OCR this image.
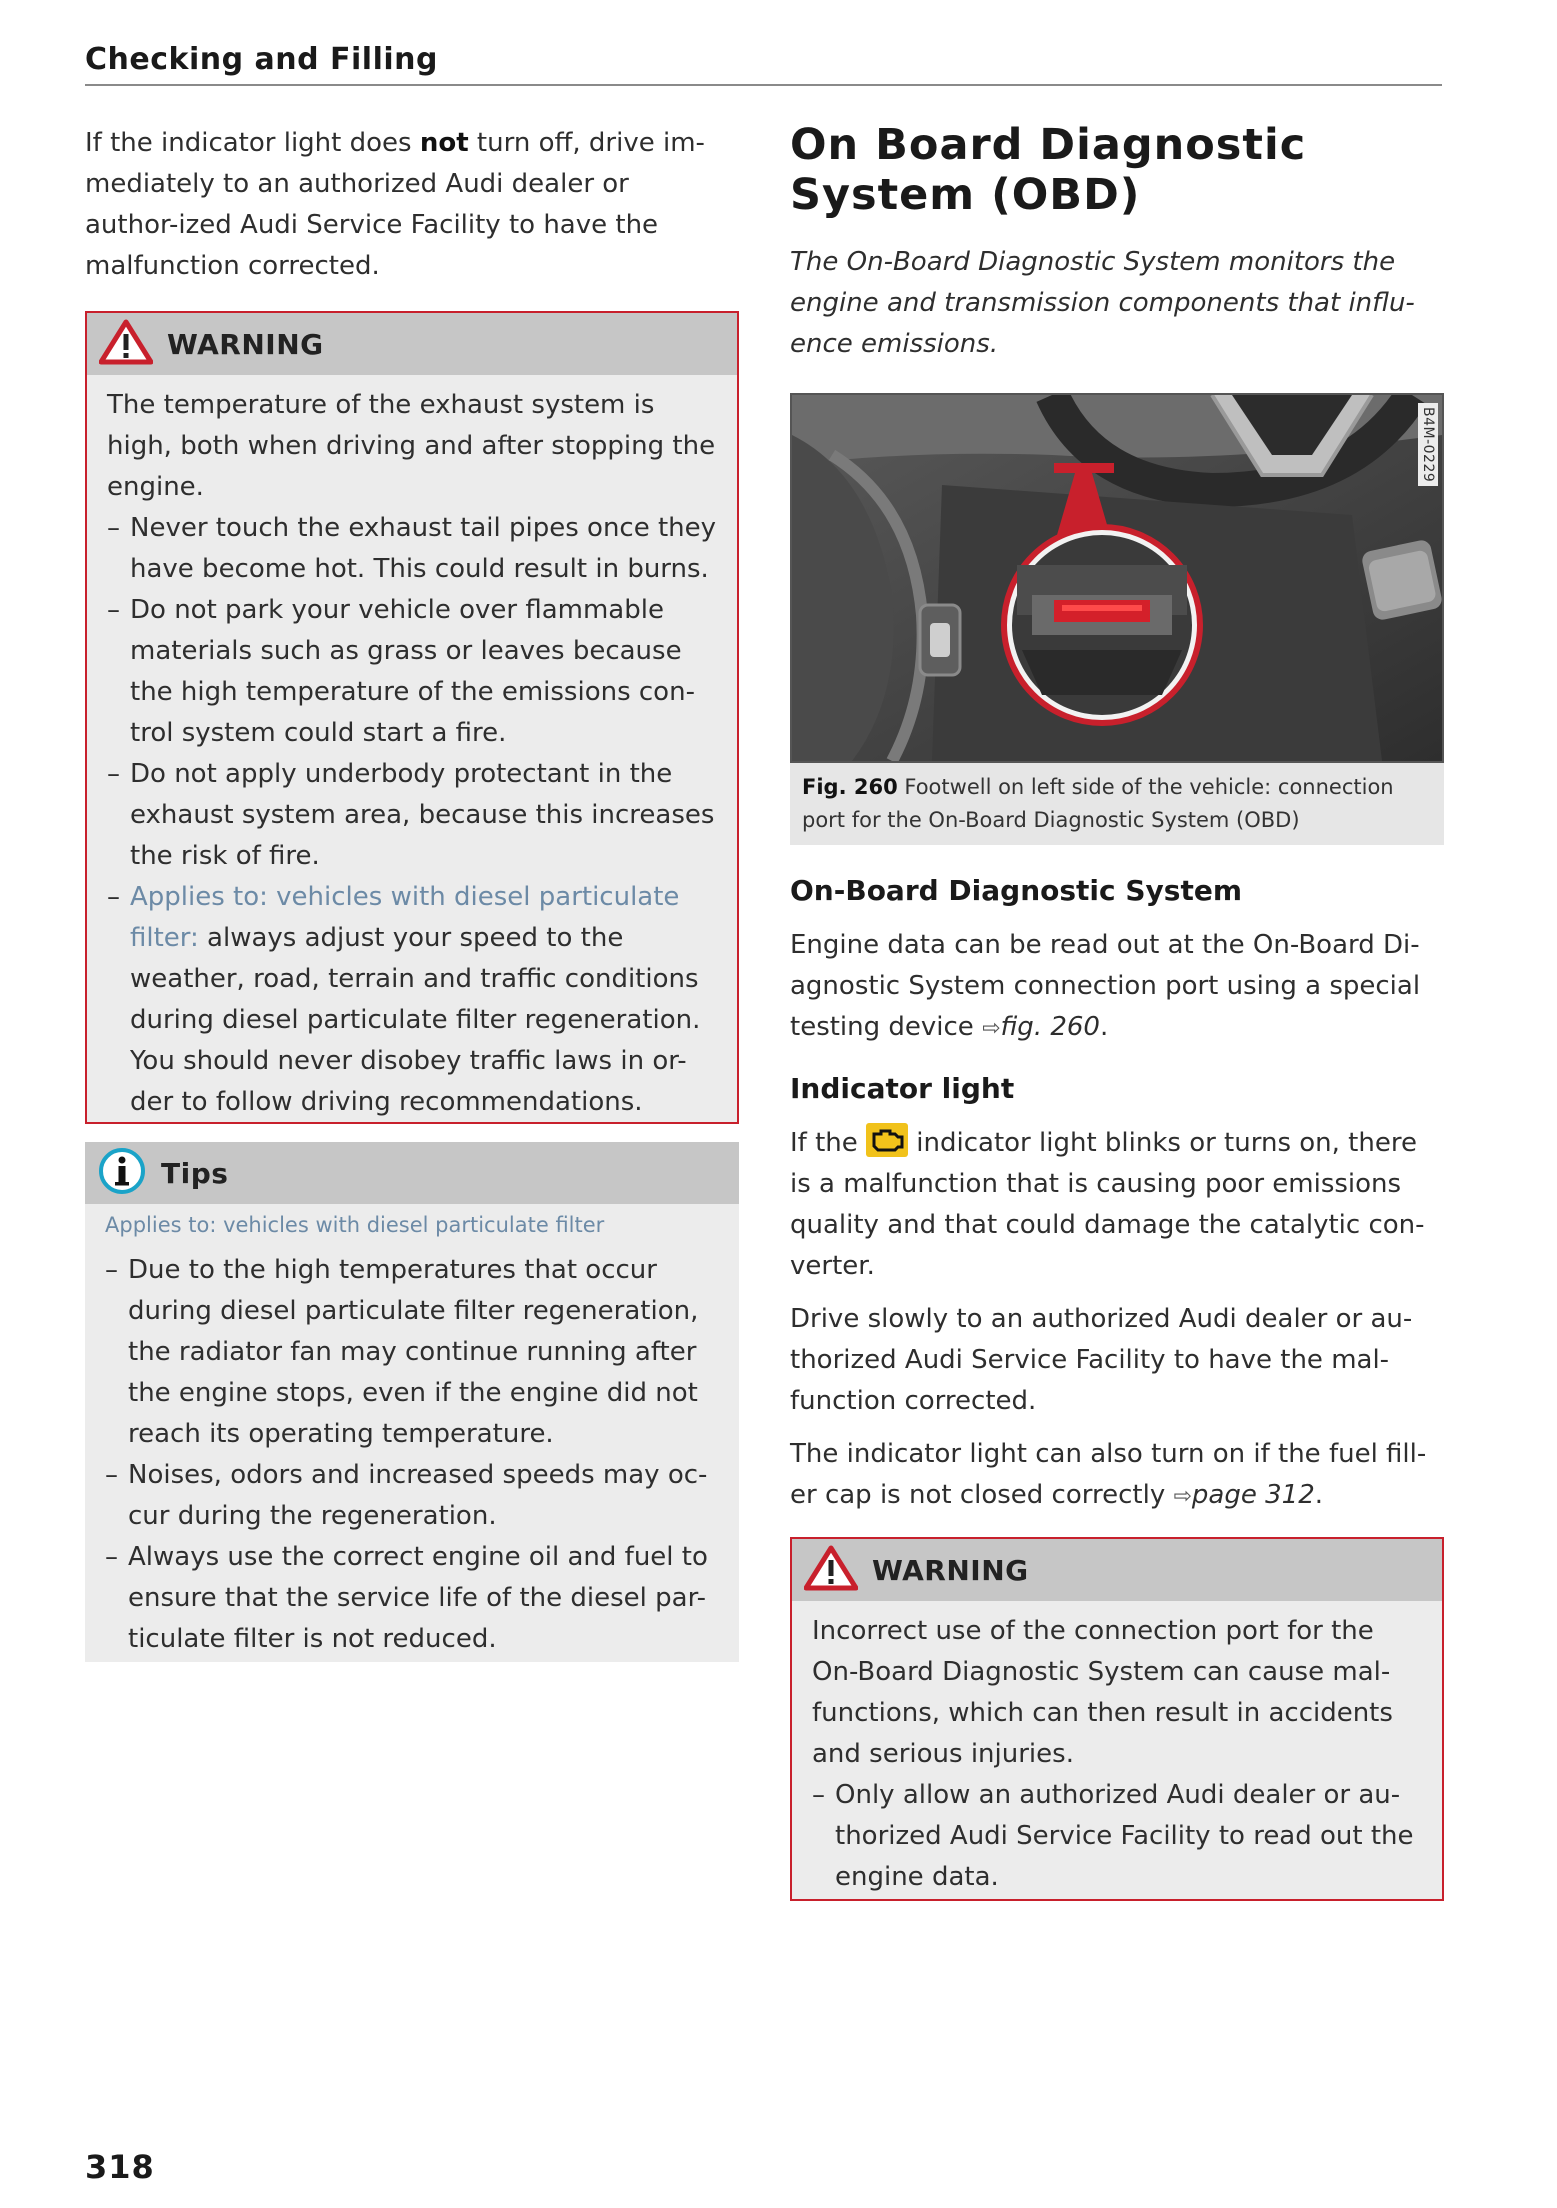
Checking and Filling

If the indicator light does not turn off, drive im-mediately to an authorized Audi dealer or author-ized Audi Service Facility to have the malfunction corrected.

WARNING
The temperature of the exhaust system is high, both when driving and after stopping the engine.
– Never touch the exhaust tail pipes once they have become hot. This could result in burns.
– Do not park your vehicle over flammable materials such as grass or leaves because the high temperature of the emissions con-trol system could start a fire.
– Do not apply underbody protectant in the exhaust system area, because this increases the risk of fire.
– Applies to: vehicles with diesel particulate filter: always adjust your speed to the weather, road, terrain and traffic conditions during diesel particulate filter regeneration. You should never disobey traffic laws in or-der to follow driving recommendations.
Tips
Applies to: vehicles with diesel particulate filter
– Due to the high temperatures that occur during diesel particulate filter regeneration, the radiator fan may continue running after the engine stops, even if the engine did not reach its operating temperature.
– Noises, odors and increased speeds may oc-cur during the regeneration.
– Always use the correct engine oil and fuel to ensure that the service life of the diesel par-ticulate filter is not reduced.
On Board Diagnostic
System (OBD)

The On-Board Diagnostic System monitors the engine and transmission components that influ-ence emissions.

B4M-0229
Fig. 260 Footwell on left side of the vehicle: connection port for the On-Board Diagnostic System (OBD)
On-Board Diagnostic System

Engine data can be read out at the On-Board Di-agnostic System connection port using a special testing device ⇨fig. 260.

Indicator light

If the  indicator light blinks or turns on, there is a malfunction that is causing poor emissions quality and that could damage the catalytic con-verter.

Drive slowly to an authorized Audi dealer or au-thorized Audi Service Facility to have the mal-function corrected.

The indicator light can also turn on if the fuel fill-er cap is not closed correctly ⇨page 312.

WARNING
Incorrect use of the connection port for the On-Board Diagnostic System can cause mal-functions, which can then result in accidents and serious injuries.
– Only allow an authorized Audi dealer or au-thorized Audi Service Facility to read out the engine data.
318
